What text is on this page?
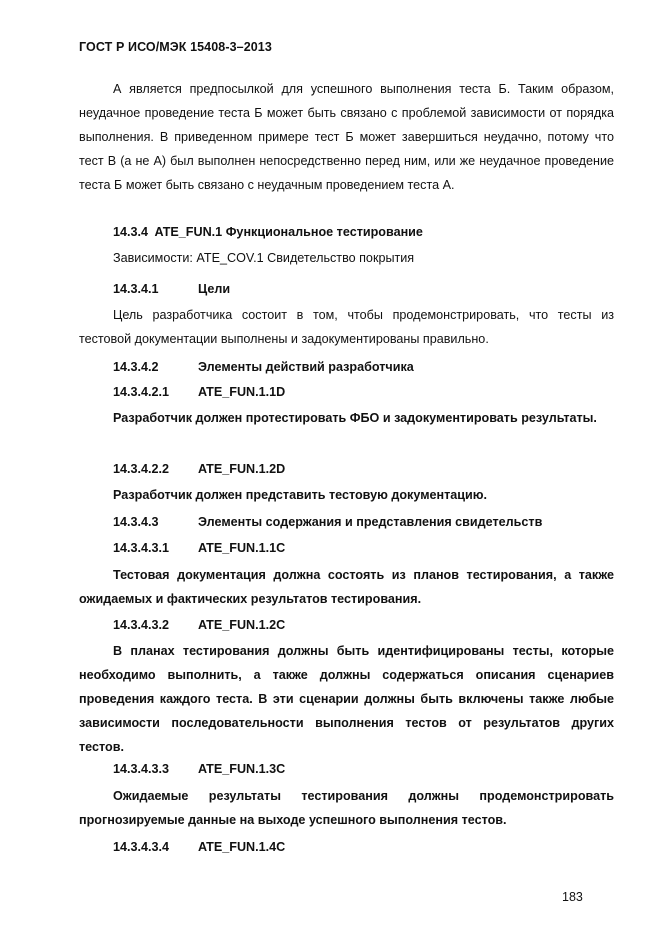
ГОСТ Р ИСО/МЭК 15408-3–2013
А является предпосылкой для успешного выполнения теста Б. Таким образом, неудачное проведение теста Б может быть связано с проблемой зависимости от порядка выполнения. В приведенном примере тест Б может завершиться неудачно, потому что тест В (а не А) был выполнен непосредственно перед ним, или же неудачное проведение теста Б может быть связано с неудачным проведением теста А.
14.3.4 ATE_FUN.1 Функциональное тестирование
Зависимости: ATE_COV.1 Свидетельство покрытия
14.3.4.1	Цели
Цель разработчика состоит в том, чтобы продемонстрировать, что тесты из тестовой документации выполнены и задокументированы правильно.
14.3.4.2	Элементы действий разработчика
14.3.4.2.1 ATE_FUN.1.1D
Разработчик должен протестировать ФБО и задокументировать результаты.
14.3.4.2.2 ATE_FUN.1.2D
Разработчик должен представить тестовую документацию.
14.3.4.3	Элементы содержания и представления свидетельств
14.3.4.3.1 ATE_FUN.1.1C
Тестовая документация должна состоять из планов тестирования, а также ожидаемых и фактических результатов тестирования.
14.3.4.3.2 ATE_FUN.1.2C
В планах тестирования должны быть идентифицированы тесты, которые необходимо выполнить, а также должны содержаться описания сценариев проведения каждого теста. В эти сценарии должны быть включены также любые зависимости последовательности выполнения тестов от результатов других тестов.
14.3.4.3.3 ATE_FUN.1.3C
Ожидаемые результаты тестирования должны продемонстрировать прогнозируемые данные на выходе успешного выполнения тестов.
14.3.4.3.4 ATE_FUN.1.4C
183
